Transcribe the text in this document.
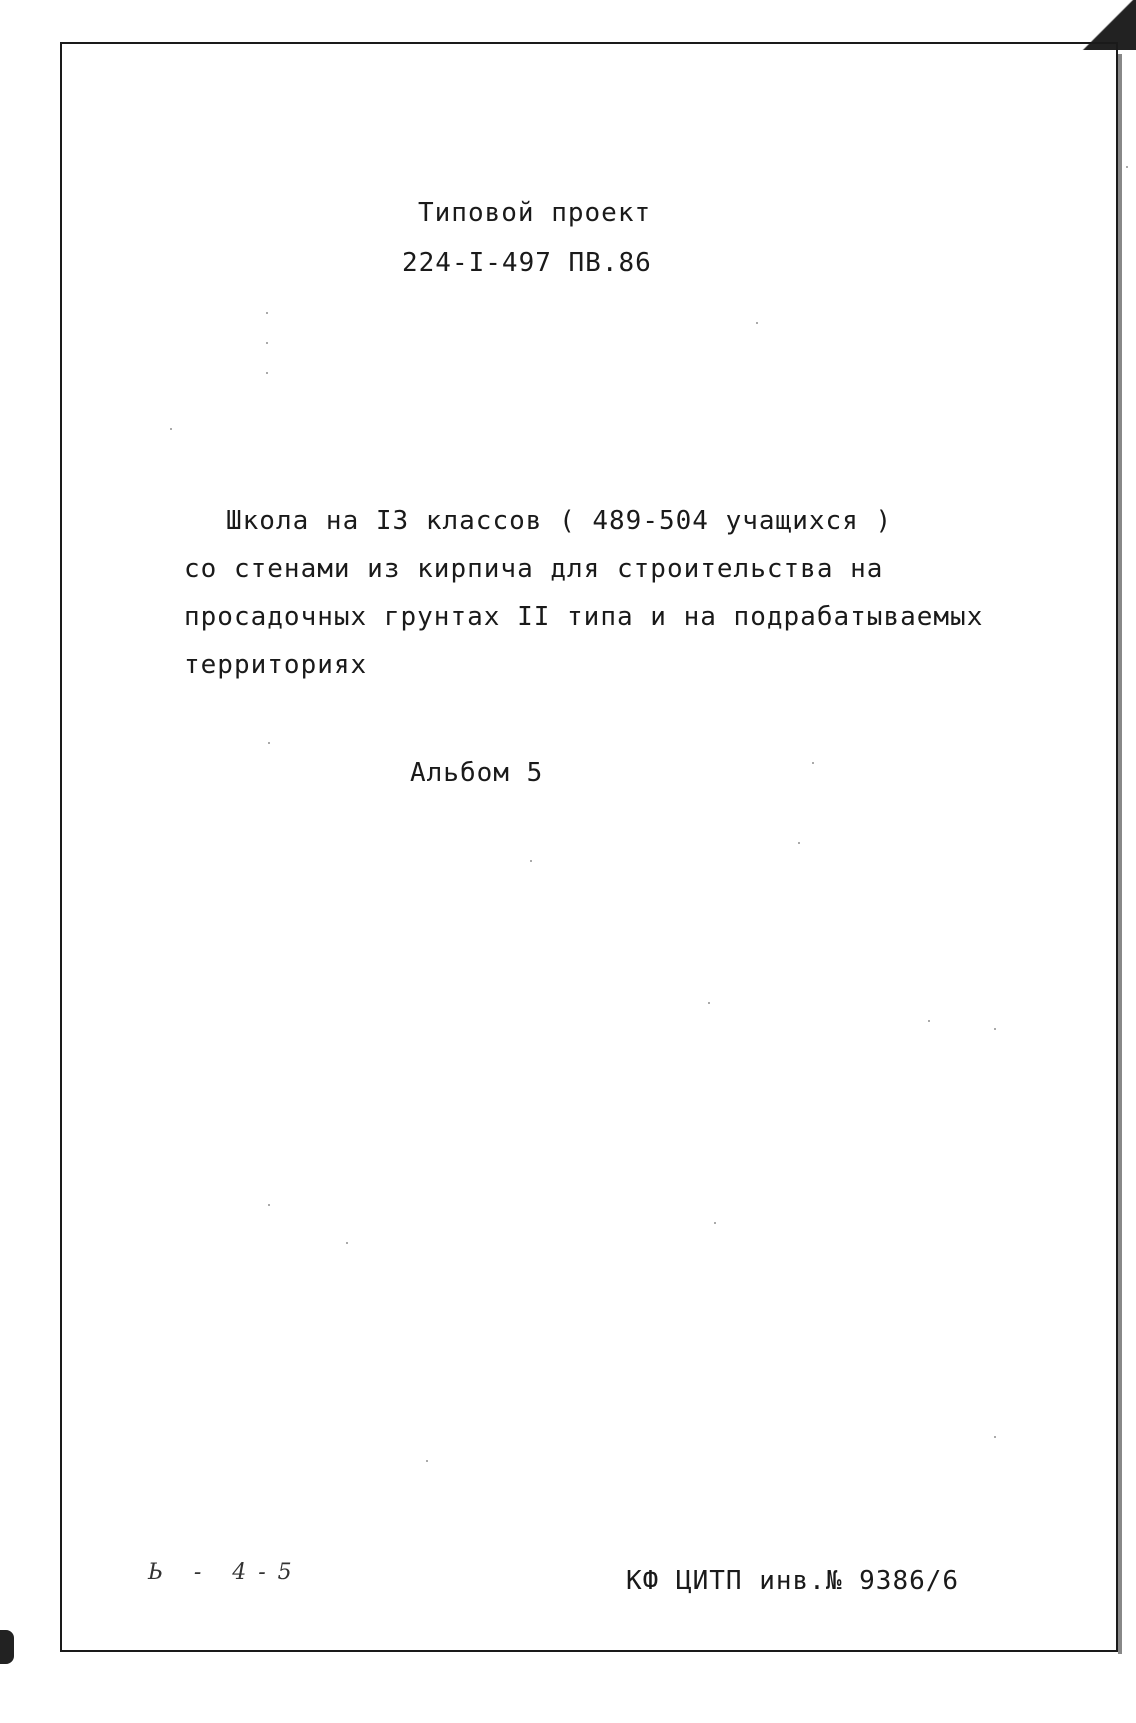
Типовой проект
224-I-497 ПВ.86
Школа на I3 классов ( 489-504 учащихся )
со стенами из кирпича для строительства на
просадочных грунтах II типа и на подрабатываемых
территориях
Альбом 5
Ь - 4-5	КФ ЦИТП инв.№ 9386/6
